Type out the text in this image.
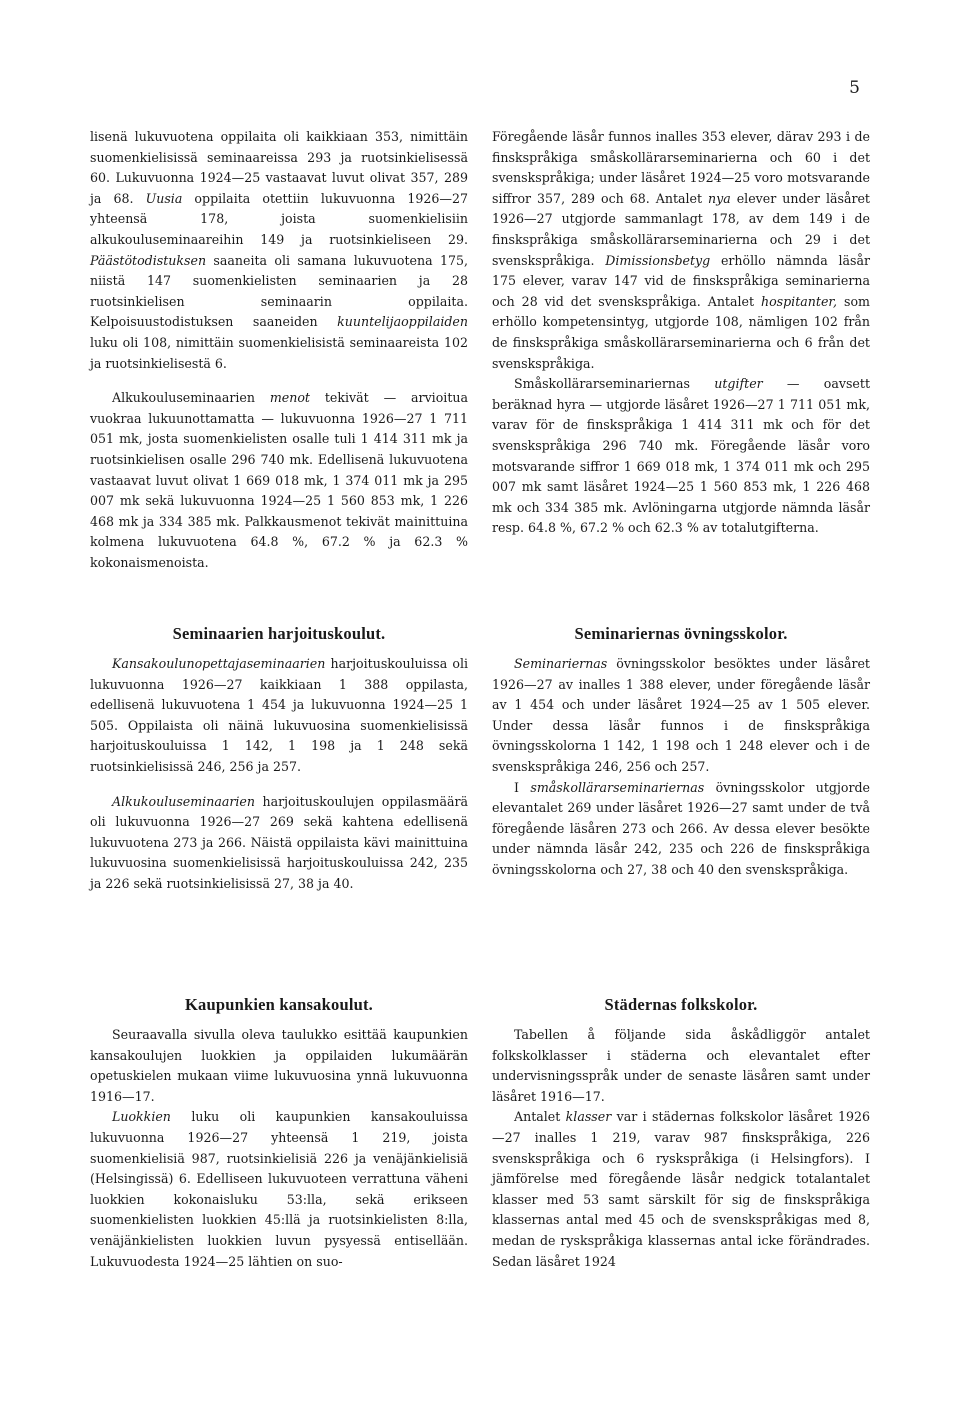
5

lisenä lukuvuotena oppilaita oli kaikkiaan 353, nimittäin suomenkielisissä seminaareissa 293 ja ruotsinkielisessä 60. Lukuvuonna 1924—25 vastaavat luvut olivat 357, 289 ja 68. Uusia oppilaita otettiin lukuvuonna 1926—27 yhteensä 178, joista suomenkielisiin alkukouluseminaareihin 149 ja ruotsinkieliseen 29. Päästötodistuksen saaneita oli samana lukuvuotena 175, niistä 147 suomenkielisten seminaarien ja 28 ruotsinkielisen seminaarin oppilaita. Kelpoisuustodistuksen saaneiden kuuntelijaoppilaiden luku oli 108, nimittäin suomenkielisistä seminaareista 102 ja ruotsinkielisestä 6.

Alkukouluseminaarien menot tekivät — arvioitua vuokraa lukuunottamatta — lukuvuonna 1926—27 1 711 051 mk, josta suomenkielisten osalle tuli 1 414 311 mk ja ruotsinkielisen osalle 296 740 mk. Edellisenä lukuvuotena vastaavat luvut olivat 1 669 018 mk, 1 374 011 mk ja 295 007 mk sekä lukuvuonna 1924—25 1 560 853 mk, 1 226 468 mk ja 334 385 mk. Palkkausmenot tekivät mainittuina kolmena lukuvuotena 64.8 %, 67.2 % ja 62.3 % kokonaismenoista.

Seminaarien harjoituskoulut.

Kansakoulunopettajaseminaarien harjoituskouluissa oli lukuvuonna 1926—27 kaikkiaan 1 388 oppilasta, edellisenä lukuvuotena 1 454 ja lukuvuonna 1924—25 1 505. Oppilaista oli näinä lukuvuosina suomenkielisissä harjoituskouluissa 1 142, 1 198 ja 1 248 sekä ruotsinkielisissä 246, 256 ja 257.

Alkukouluseminaarien harjoituskoulujen oppilasmäärä oli lukuvuonna 1926—27 269 sekä kahtena edellisenä lukuvuotena 273 ja 266. Näistä oppilaista kävi mainittuina lukuvuosina suomenkielisissä harjoituskouluissa 242, 235 ja 226 sekä ruotsinkielisissä 27, 38 ja 40.

Kaupunkien kansakoulut.

Seuraavalla sivulla oleva taulukko esittää kaupunkien kansakoulujen luokkien ja oppilaiden lukumäärän opetuskielen mukaan viime lukuvuosina ynnä lukuvuonna 1916—17.

Luokkien luku oli kaupunkien kansakouluissa lukuvuonna 1926—27 yhteensä 1 219, joista suomenkielisiä 987, ruotsinkielisiä 226 ja venäjänkielisiä (Helsingissä) 6. Edelliseen lukuvuoteen verrattuna väheni luokkien kokonaisluku 53:lla, sekä erikseen suomenkielisten luokkien 45:llä ja ruotsinkielisten 8:lla, venäjänkielisten luokkien luvun pysyessä entisellään. Lukuvuodesta 1924—25 lähtien on suo-

Föregående läsår funnos inalles 353 elever, därav 293 i de finskspråkiga småskollärarseminarierna och 60 i det svenskspråkiga; under läsåret 1924—25 voro motsvarande siffror 357, 289 och 68. Antalet nya elever under läsåret 1926—27 utgjorde sammanlagt 178, av dem 149 i de finskspråkiga småskollärarseminarierna och 29 i det svenskspråkiga. Dimissionsbetyg erhöllo nämnda läsår 175 elever, varav 147 vid de finskspråkiga seminarierna och 28 vid det svenskspråkiga. Antalet hospitanter, som erhöllo kompetensintyg, utgjorde 108, nämligen 102 från de finskspråkiga småskollärarseminarierna och 6 från det svenskspråkiga.

Småskollärarseminariernas utgifter — oavsett beräknad hyra — utgjorde läsåret 1926—27 1 711 051 mk, varav för de finskspråkiga 1 414 311 mk och för det svenskspråkiga 296 740 mk. Föregående läsår voro motsvarande siffror 1 669 018 mk, 1 374 011 mk och 295 007 mk samt läsåret 1924—25 1 560 853 mk, 1 226 468 mk och 334 385 mk. Avlöningarna utgjorde nämnda läsår resp. 64.8 %, 67.2 % och 62.3 % av totalutgifterna.

Seminariernas övningsskolor.

Seminariernas övningsskolor besöktes under läsåret 1926—27 av inalles 1 388 elever, under föregående läsår av 1 454 och under läsåret 1924—25 av 1 505 elever. Under dessa läsår funnos i de finskspråkiga övningsskolorna 1 142, 1 198 och 1 248 elever och i de svenskspråkiga 246, 256 och 257.

I småskollärarseminariernas övningsskolor utgjorde elevantalet 269 under läsåret 1926—27 samt under de två föregående läsåren 273 och 266. Av dessa elever besökte under nämnda läsår 242, 235 och 226 de finskspråkiga övningsskolorna och 27, 38 och 40 den svenskspråkiga.

Städernas folkskolor.

Tabellen å följande sida åskådliggör antalet folkskolklasser i städerna och elevantalet efter undervisningsspråk under de senaste läsåren samt under läsåret 1916—17.

Antalet klasser var i städernas folkskolor läsåret 1926—27 inalles 1 219, varav 987 finskspråkiga, 226 svenskspråkiga och 6 ryskspråkiga (i Helsingfors). I jämförelse med föregående läsår nedgick totalantalet klasser med 53 samt särskilt för sig de finskspråkiga klassernas antal med 45 och de svenskspråkigas med 8, medan de ryskspråkiga klassernas antal icke förändrades. Sedan läsåret 1924
